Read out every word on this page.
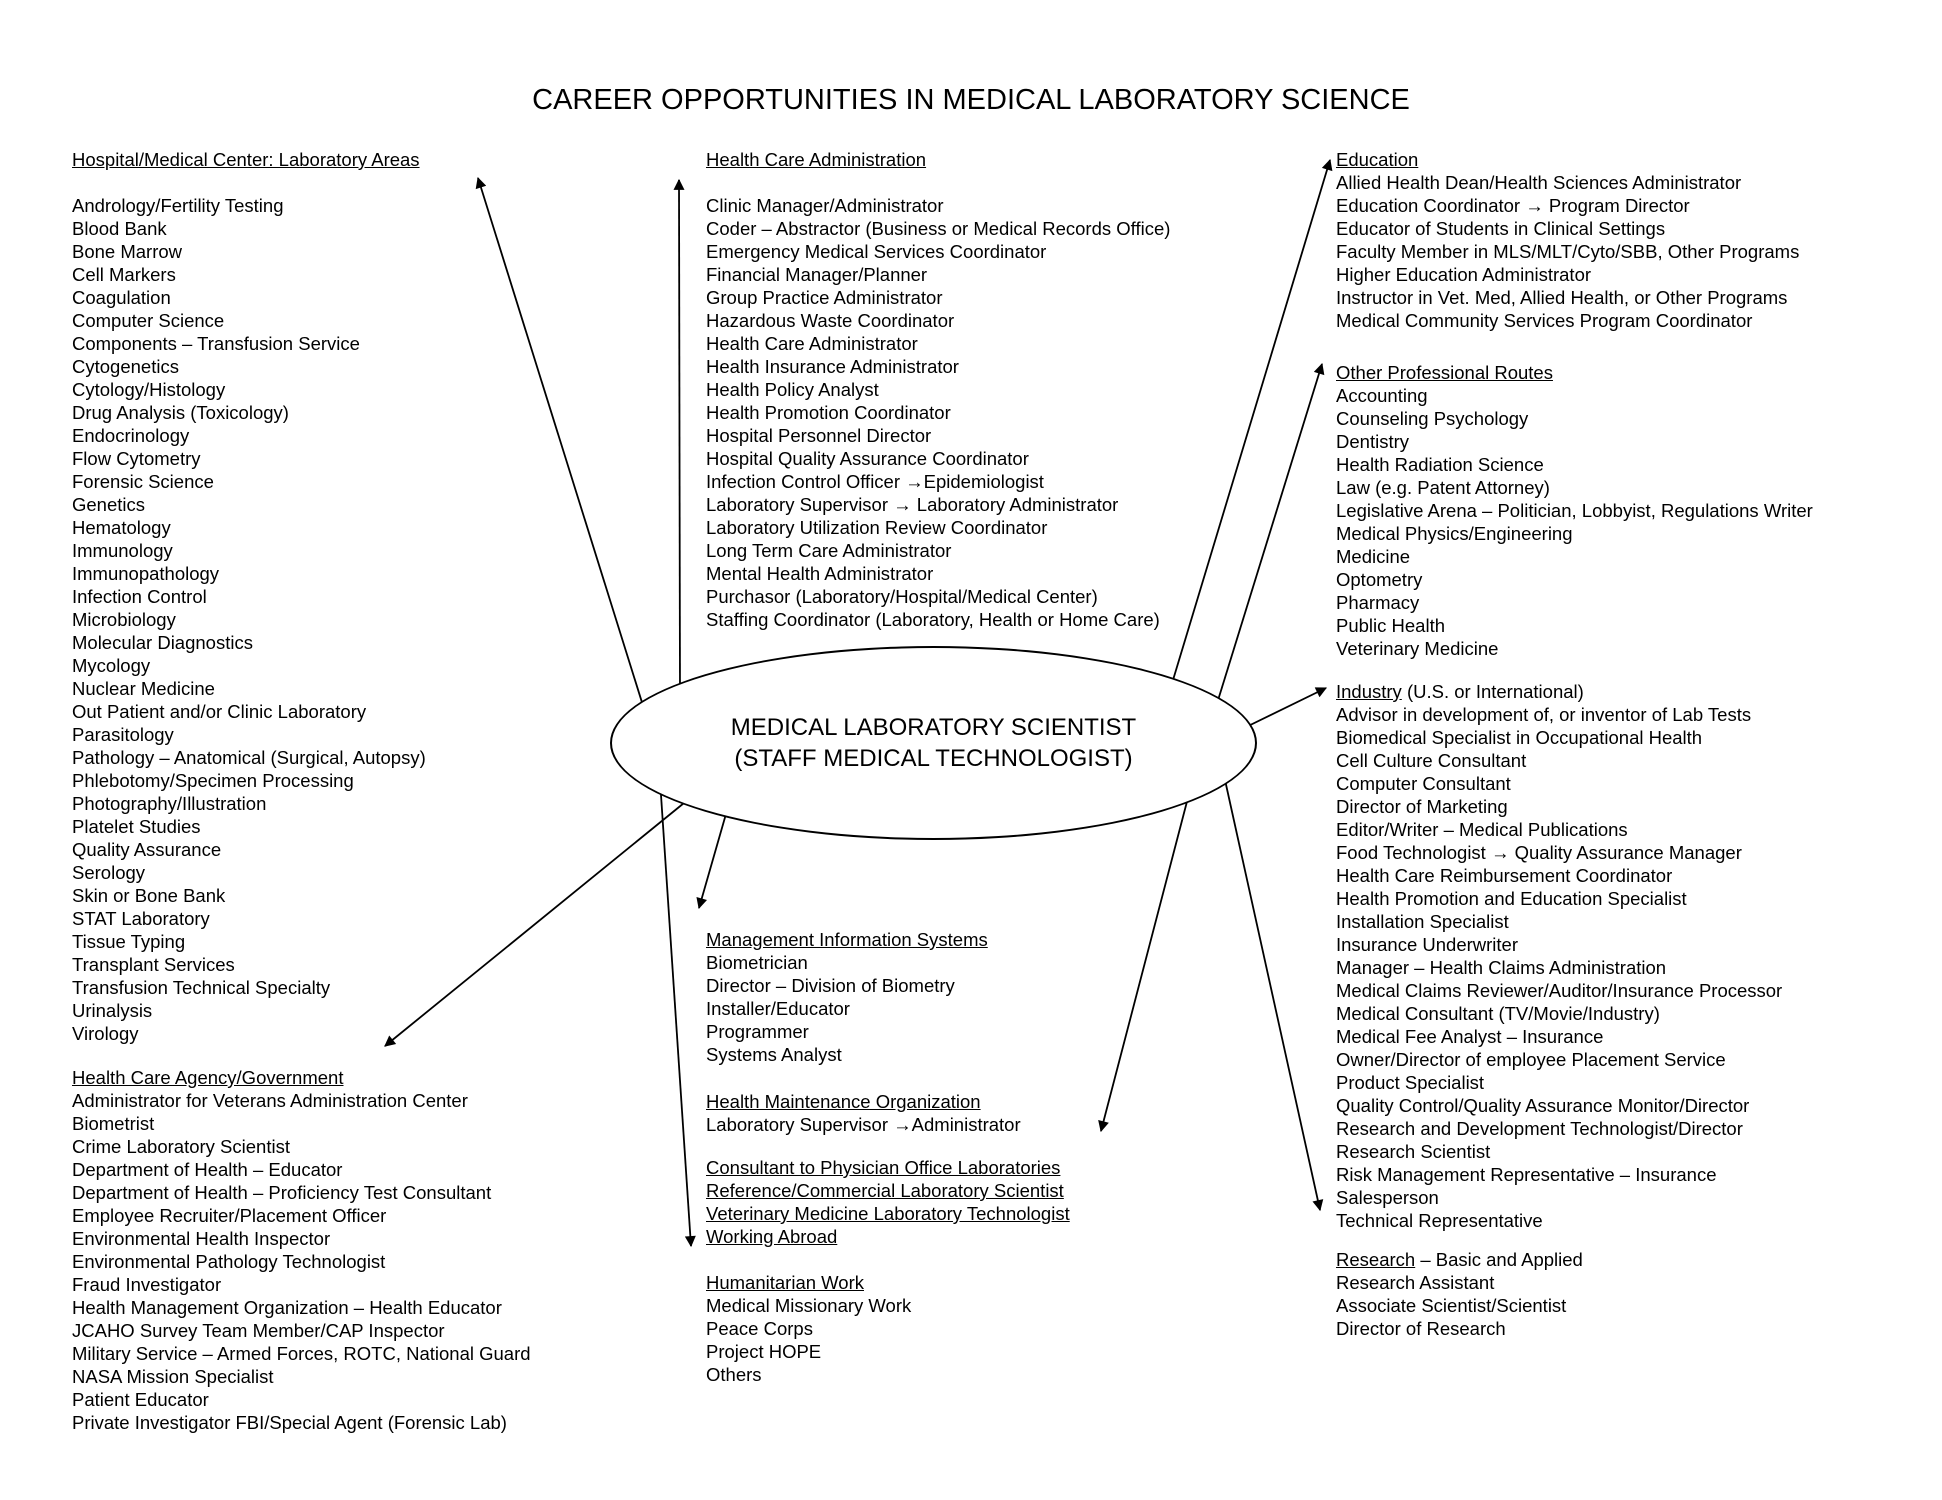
CAREER OPPORTUNITIES IN MEDICAL LABORATORY SCIENCE
MEDICAL LABORATORY SCIENTIST
(STAFF MEDICAL TECHNOLOGIST)
Hospital/Medical Center: Laboratory Areas
Andrology/Fertility Testing
Blood Bank
Bone Marrow
Cell Markers
Coagulation
Computer Science
Components – Transfusion Service
Cytogenetics
Cytology/Histology
Drug Analysis (Toxicology)
Endocrinology
Flow Cytometry
Forensic Science
Genetics
Hematology
Immunology
Immunopathology
Infection Control
Microbiology
Molecular Diagnostics
Mycology
Nuclear Medicine
Out Patient and/or Clinic Laboratory
Parasitology
Pathology – Anatomical (Surgical, Autopsy)
Phlebotomy/Specimen Processing
Photography/Illustration
Platelet Studies
Quality Assurance
Serology
Skin or Bone Bank
STAT Laboratory
Tissue Typing
Transplant Services
Transfusion Technical Specialty
Urinalysis
Virology
Health Care Agency/Government
Administrator for Veterans Administration Center
Biometrist
Crime Laboratory Scientist
Department of Health – Educator
Department of Health – Proficiency Test Consultant
Employee Recruiter/Placement Officer
Environmental Health Inspector
Environmental Pathology Technologist
Fraud Investigator
Health Management Organization – Health Educator
JCAHO Survey Team Member/CAP Inspector
Military Service – Armed Forces, ROTC, National Guard
NASA Mission Specialist
Patient Educator
Private Investigator FBI/Special Agent (Forensic Lab)
Health Care Administration
Clinic Manager/Administrator
Coder – Abstractor (Business or Medical Records Office)
Emergency Medical Services Coordinator
Financial Manager/Planner
Group Practice Administrator
Hazardous Waste Coordinator
Health Care Administrator
Health Insurance Administrator
Health Policy Analyst
Health Promotion Coordinator
Hospital Personnel Director
Hospital Quality Assurance Coordinator
Infection Control Officer →Epidemiologist
Laboratory Supervisor → Laboratory Administrator
Laboratory Utilization Review Coordinator
Long Term Care Administrator
Mental Health Administrator
Purchasor (Laboratory/Hospital/Medical Center)
Staffing Coordinator (Laboratory, Health or Home Care)
Management Information Systems
Biometrician
Director – Division of Biometry
Installer/Educator
Programmer
Systems Analyst
Health Maintenance Organization
Laboratory Supervisor →Administrator
Consultant to Physician Office Laboratories
Reference/Commercial Laboratory Scientist
Veterinary Medicine Laboratory Technologist
Working Abroad
Humanitarian Work
Medical Missionary Work
Peace Corps
Project HOPE
Others
Education
Allied Health Dean/Health Sciences Administrator
Education Coordinator → Program Director
Educator of Students in Clinical Settings
Faculty Member in MLS/MLT/Cyto/SBB, Other Programs
Higher Education Administrator
Instructor in Vet. Med, Allied Health, or Other Programs
Medical Community Services Program Coordinator
Other Professional Routes
Accounting
Counseling Psychology
Dentistry
Health Radiation Science
Law (e.g. Patent Attorney)
Legislative Arena – Politician, Lobbyist, Regulations Writer
Medical Physics/Engineering
Medicine
Optometry
Pharmacy
Public Health
Veterinary Medicine
Industry (U.S. or International)
Advisor in development of, or inventor of Lab Tests
Biomedical Specialist in Occupational Health
Cell Culture Consultant
Computer Consultant
Director of Marketing
Editor/Writer – Medical Publications
Food Technologist → Quality Assurance Manager
Health Care Reimbursement Coordinator
Health Promotion and Education Specialist
Installation Specialist
Insurance Underwriter
Manager – Health Claims Administration
Medical Claims Reviewer/Auditor/Insurance Processor
Medical Consultant (TV/Movie/Industry)
Medical Fee Analyst – Insurance
Owner/Director of employee Placement Service
Product Specialist
Quality Control/Quality Assurance Monitor/Director
Research and Development Technologist/Director
Research Scientist
Risk Management Representative – Insurance
Salesperson
Technical Representative
Research – Basic and Applied
Research Assistant
Associate Scientist/Scientist
Director of Research
